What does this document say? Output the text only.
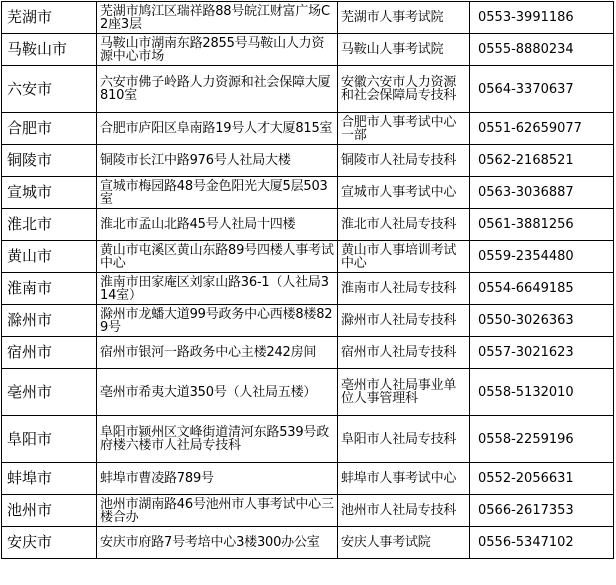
芜湖市	芜湖市鸠江区瑞祥路88号皖江财富广场C2座3层	芜湖市人事考试院	0553-3991186
马鞍山市	马鞍山市湖南东路2855号马鞍山人力资源中心市场	马鞍山人事考试院	0555-8880234
六安市	六安市佛子岭路人力资源和社会保障大厦810室	安徽六安市人力资源和社会保障局专技科	0564-3370637
合肥市	合肥市庐阳区阜南路19号人才大厦815室	合肥市人事考试中心一部	0551-62659077
铜陵市	铜陵市长江中路976号人社局大楼	铜陵市人社局专技科	0562-2168521
宣城市	宣城市梅园路48号金色阳光大厦5层503室	宣城市人事考试中心	0563-3036887
淮北市	淮北市孟山北路45号人社局十四楼	淮北市人社局专技科	0561-3881256
黄山市	黄山市屯溪区黄山东路89号四楼人事考试中心	黄山市人事培训考试中心	0559-2354480
淮南市	淮南市田家庵区刘家山路36-1（人社局314室）	淮南市人社局专技科	0554-6649185
滁州市	滁州市龙蟠大道99号政务中心西楼8楼829号	滁州市人社局专技科	0550-3026363
宿州市	宿州市银河一路政务中心主楼242房间	宿州市人社局专技科	0557-3021623
亳州市	亳州市希夷大道350号（人社局五楼）	亳州市人社局事业单位人事管理科	0558-5132010
阜阳市	阜阳市颍州区文峰街道清河东路539号政府楼六楼市人社局专技科	阜阳市人社局专技科	0558-2259196
蚌埠市	蚌埠市曹凌路789号	蚌埠市人事考试中心	0552-2056631
池州市	池州市湖南路46号池州市人事考试中心三楼合办	池州市人社局专技科	0566-2617353
安庆市	安庆市府路7号考培中心3楼300办公室	安庆人事考试院	0556-5347102
